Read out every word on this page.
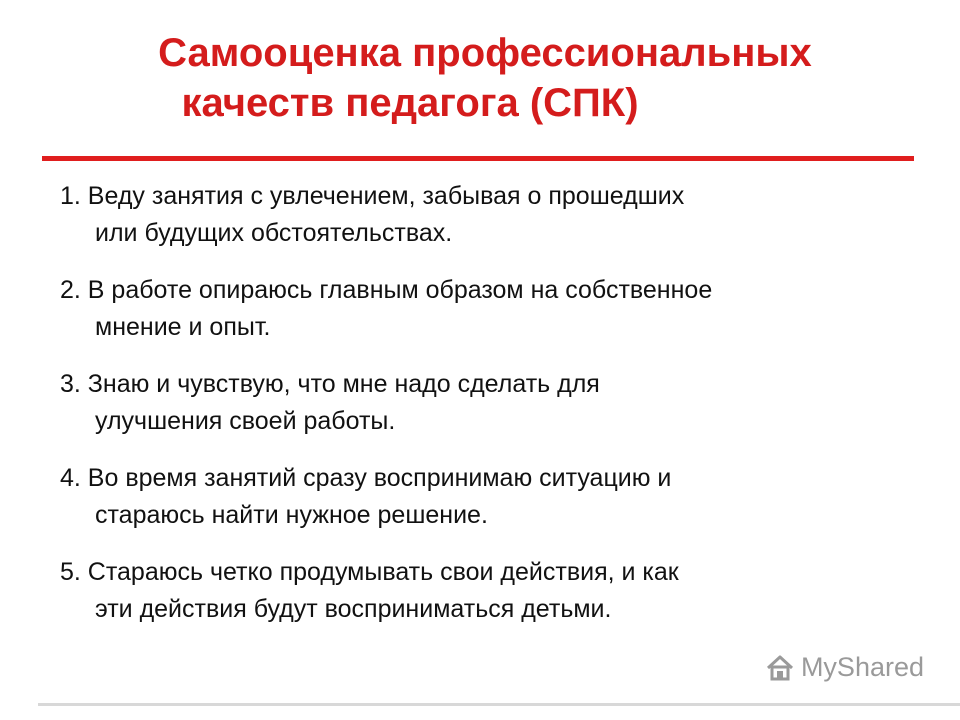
Самооценка профессиональных
качеств педагога (СПК)
1. Веду занятия с увлечением, забывая о прошедших
или будущих обстоятельствах.
2. В работе опираюсь главным образом на собственное
мнение и опыт.
3. Знаю и чувствую, что мне надо сделать для
улучшения своей работы.
4. Во время занятий сразу воспринимаю ситуацию и
стараюсь найти нужное решение.
5. Стараюсь четко продумывать свои действия, и как
эти действия будут восприниматься детьми.
MyShared
